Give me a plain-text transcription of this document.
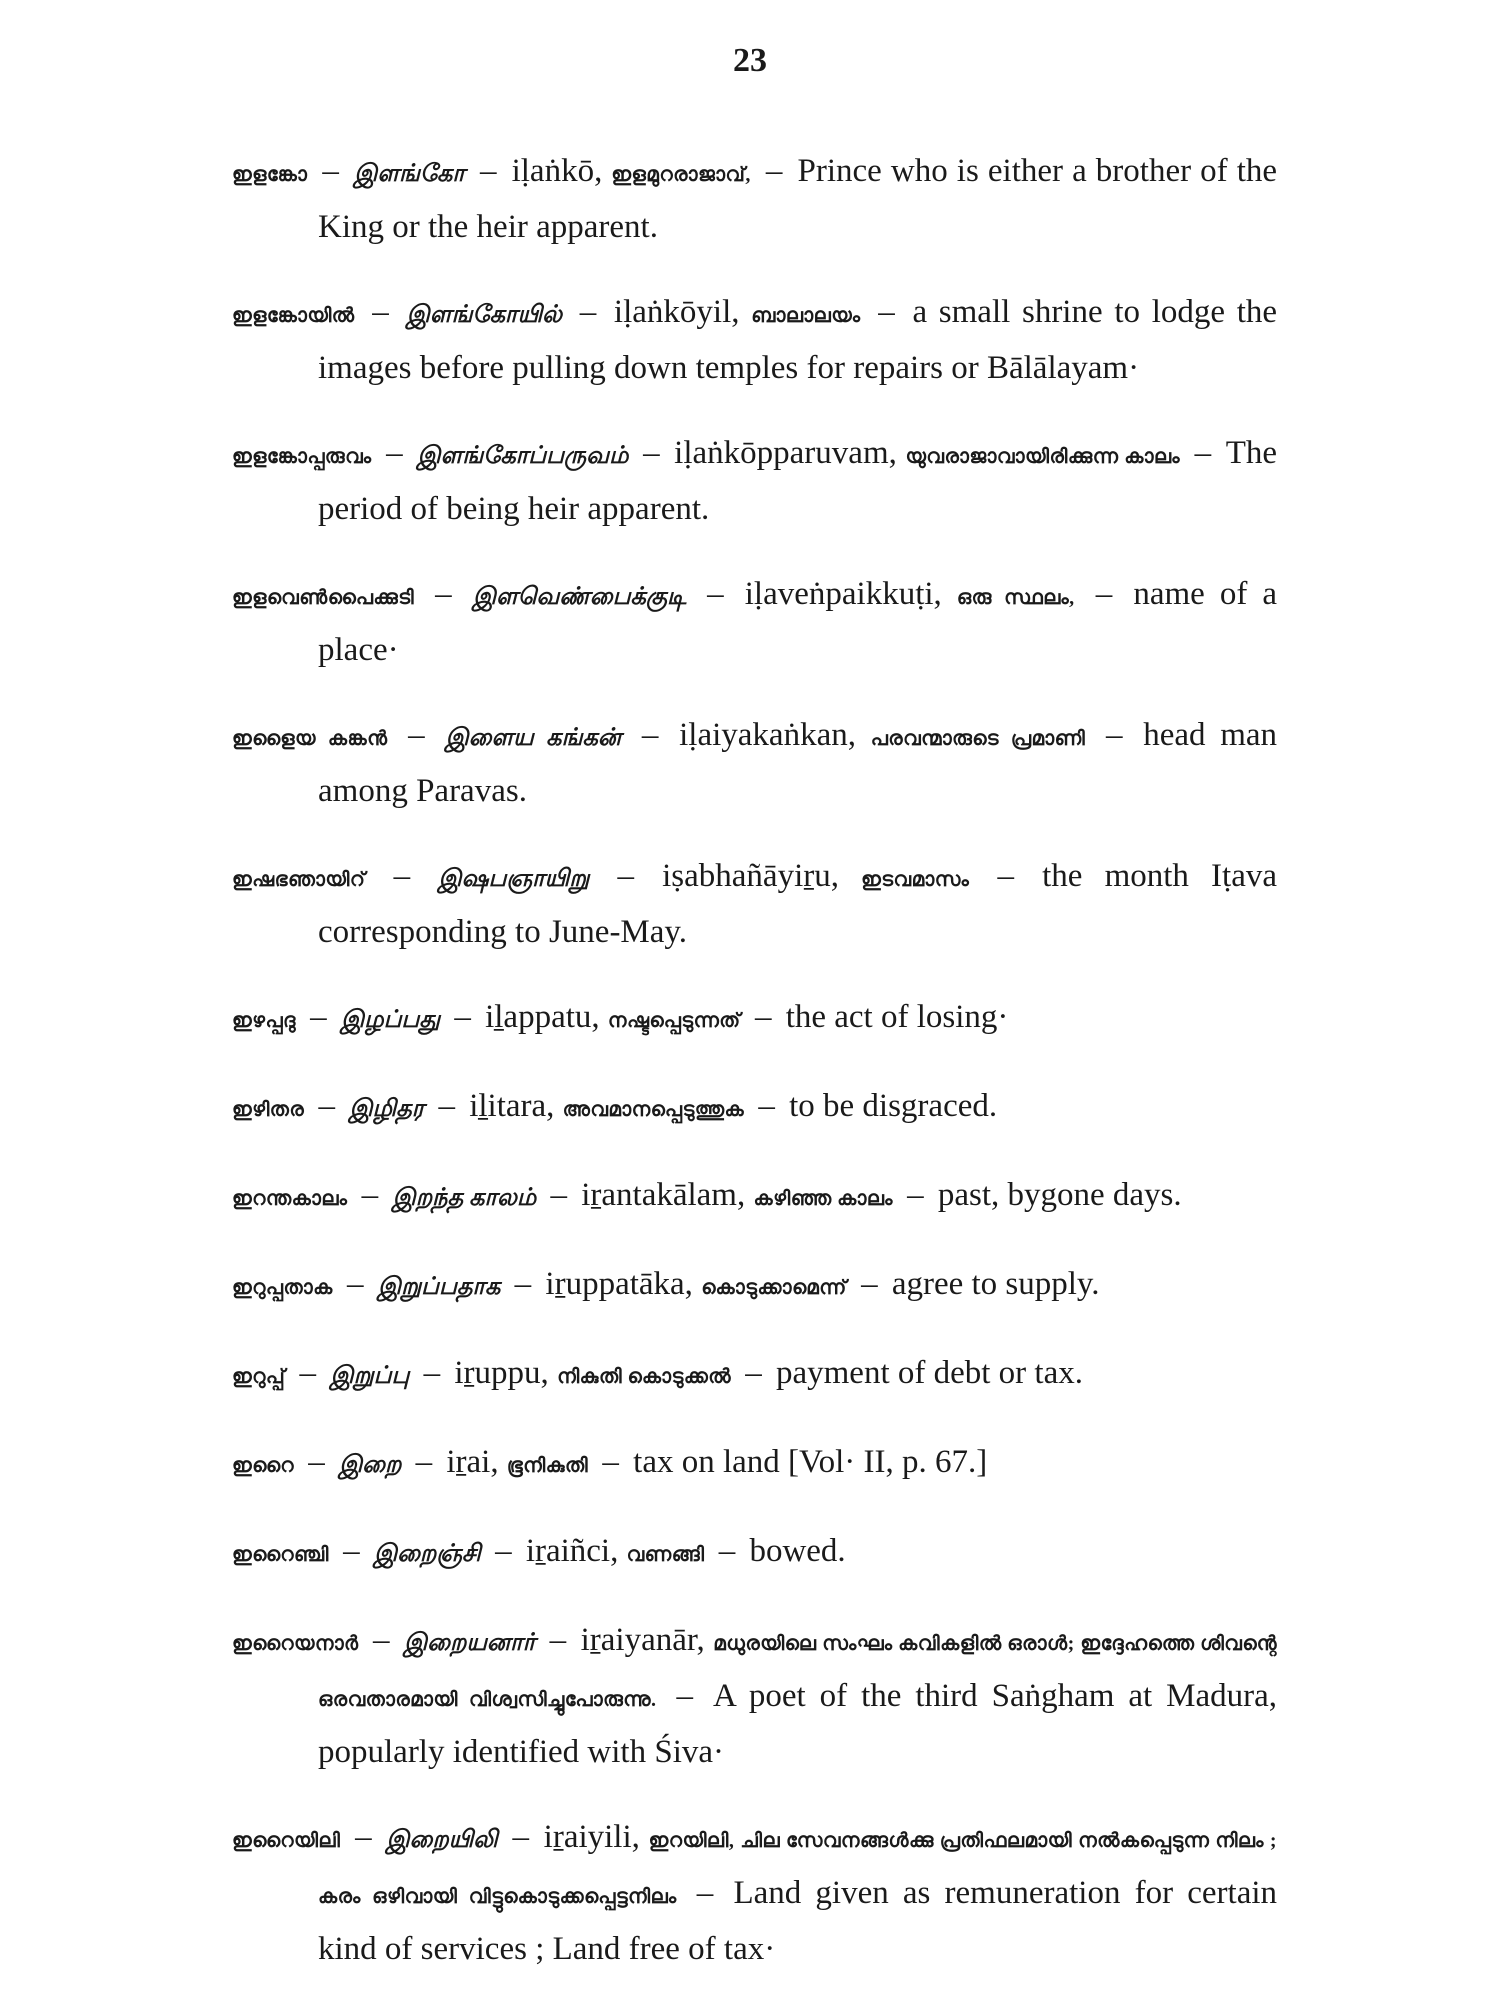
23

ഇളങ്കോ – இளங்கோ – iḷaṅkō, ഇളമുറരാജാവ്, – Prince who is either a brother of the King or the heir apparent.

ഇളങ്കോയിൽ – இளங்கோயில் – iḷaṅkōyil, ബാലാലയം – a small shrine to lodge the images before pulling down temples for repairs or Bālālayam·

ഇളങ്കോപ്പരുവം – இளங்கோப்பருவம் – iḷaṅkōpparuvam, യുവരാജാവായിരിക്കുന്ന കാലം – The period of being heir apparent.

ഇളവെൺപൈക്കുടി – இளவெண்பைக்குடி – iḷaveṅpaikkuṭi, ഒരു സ്ഥലം, – name of a place·

ഇളൈയ കങ്കൻ – இளைய கங்கன் – iḷaiyakaṅkan, പരവന്മാരുടെ പ്രമാണി – head man among Paravas.

ഇഷഭഞായിറ് – இஷபஞாயிறு – iṣabhañāyiṟu, ഇടവമാസം – the month Iṭava corresponding to June-May.

ഇഴപ്പദു – இழப்பது – iḻappatu, നഷ്ടപ്പെടുന്നത് – the act of losing·

ഇഴിതര – இழிதர – iḻitara, അവമാനപ്പെടുത്തുക – to be disgraced.

ഇറന്തകാലം – இறந்த காலம் – iṟantakālam, കഴിഞ്ഞ കാലം – past, bygone days.

ഇറുപ്പതാക – இறுப்பதாக – iṟuppatāka, കൊടുക്കാമെന്ന് – agree to supply.

ഇറുപ്പ് – இறுப்பு – iṟuppu, നികുതി കൊടുക്കൽ – payment of debt or tax.

ഇറൈ – இறை – iṟai, ഭൂനികുതി – tax on land [Vol· II, p. 67.]

ഇറൈഞ്ചി – இறைஞ்சி – iṟaiñci, വണങ്ങി – bowed.

ഇറൈയനാർ – இறையனார் – iṟaiyanār, മധുരയിലെ സംഘം കവികളിൽ ഒരാൾ; ഇദ്ദേഹത്തെ ശിവന്റെ ഒരവതാരമായി വിശ്വസിച്ചുപോരുന്നു. – A poet of the third Saṅgham at Madura, popularly identified with Śiva·

ഇറൈയിലി – இறையிலி – iṟaiyili, ഇറയിലി, ചില സേവനങ്ങൾക്കു പ്രതിഫലമായി നൽകപ്പെടുന്ന നിലം ; കരം ഒഴിവായി വിട്ടുകൊടുക്കപ്പെട്ടനിലം – Land given as remuneration for certain kind of services ; Land free of tax·
